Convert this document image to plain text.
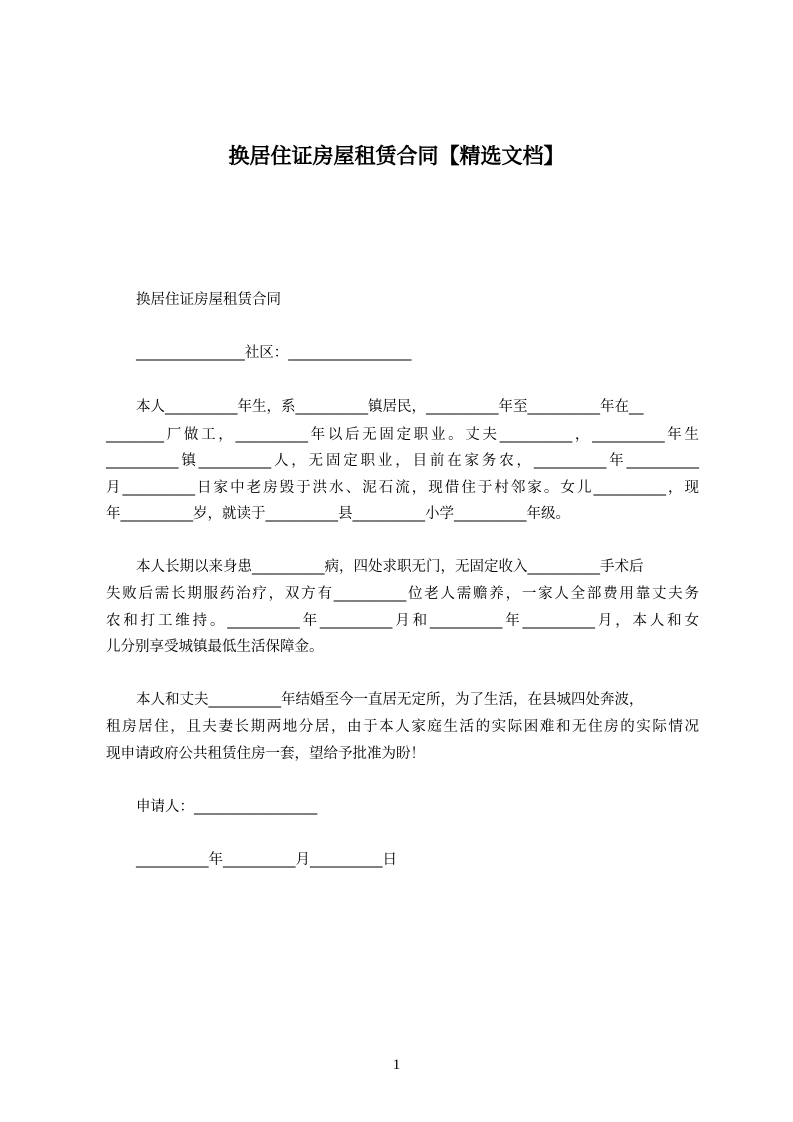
换居住证房屋租赁合同【精选文档】
换居住证房屋租赁合同
_______________社区：_________________
本人__________年生，系__________镇居民，__________年至__________年在__
________厂做工，__________年以后无固定职业。丈夫__________，__________年生
__________镇__________人，无固定职业，目前在家务农，__________年__________
月__________日家中老房毁于洪水、泥石流，现借住于村邻家。女儿__________，现
年__________岁，就读于__________县__________小学__________年级。
本人长期以来身患__________病，四处求职无门，无固定收入__________手术后
失败后需长期服药治疗，双方有__________位老人需赡养，一家人全部费用靠丈夫务
农和打工维持。__________年__________月和__________年__________月，本人和女
儿分别享受城镇最低生活保障金。
本人和丈夫__________年结婚至今一直居无定所，为了生活，在县城四处奔波，
租房居住，且夫妻长期两地分居，由于本人家庭生活的实际困难和无住房的实际情况
现申请政府公共租赁住房一套，望给予批准为盼！
申请人：_________________
__________年__________月__________日
1
